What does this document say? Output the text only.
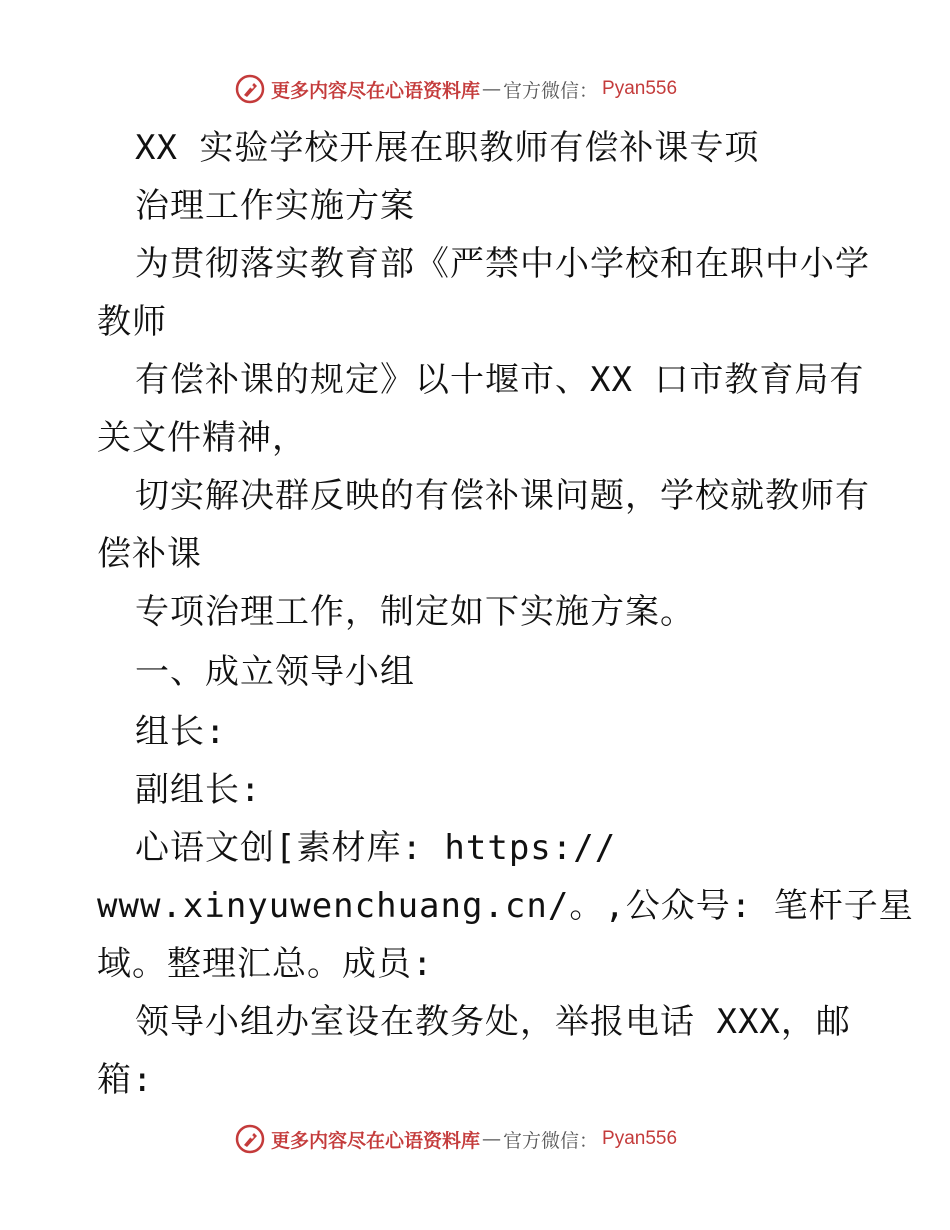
更多内容尽在心语资料库 — 官方微信： Pyan556

XX 实验学校开展在职教师有偿补课专项

治理工作实施方案

为贯彻落实教育部《严禁中小学校和在职中小学

教师

有偿补课的规定》以十堰市、XX 口市教育局有

关文件精神，

切实解决群反映的有偿补课问题，学校就教师有

偿补课

专项治理工作，制定如下实施方案。

一、成立领导小组

组长:

副组长:

心语文创[素材库: https://

www.xinyuwenchuang.cn/。,公众号: 笔杆子星

域。整理汇总。成员:

领导小组办室设在教务处，举报电话 XXX，邮

箱:

更多内容尽在心语资料库 — 官方微信： Pyan556
